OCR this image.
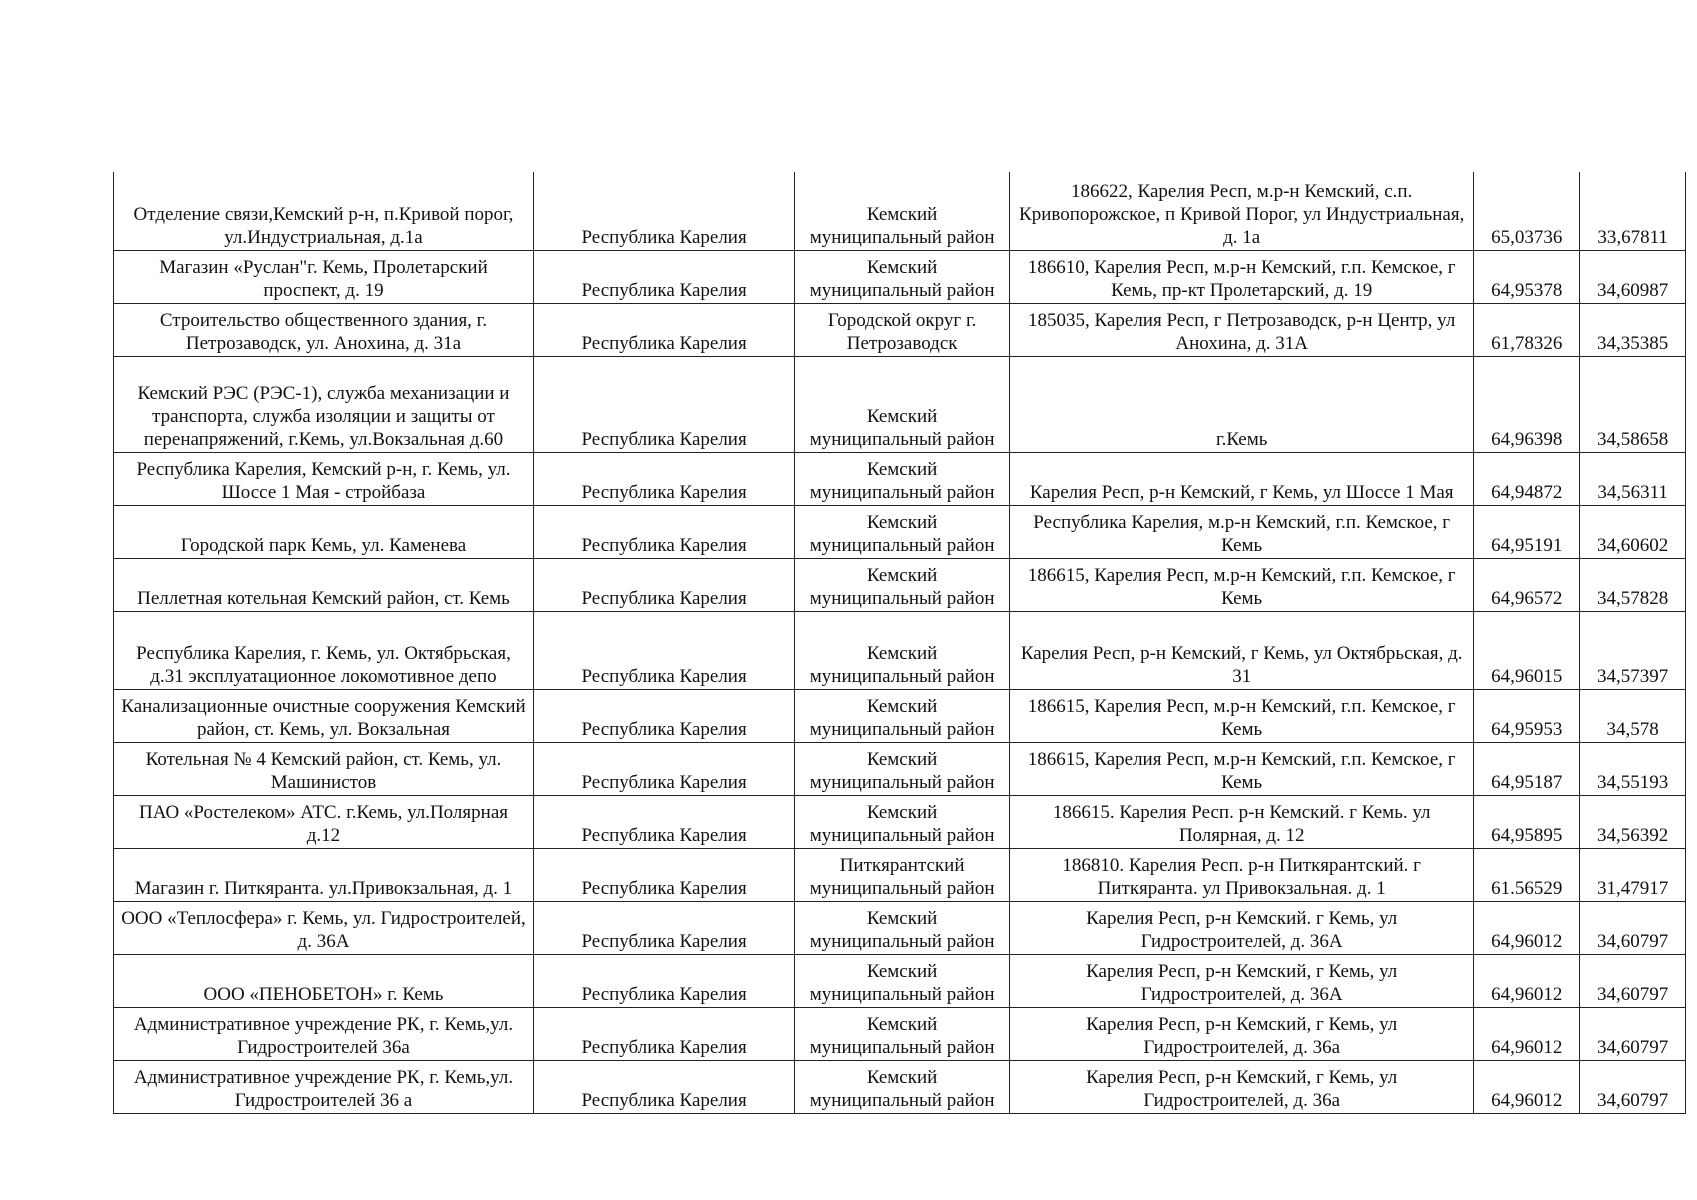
Отделение связи,Кемский р-н, п.Кривой порог, ул.Индустриальная, д.1а	Республика Карелия	Кемский муниципальный район	186622, Карелия Респ, м.р-н Кемский, с.п. Кривопорожское, п Кривой Порог, ул Индустриальная, д. 1а	65,03736	33,67811
Магазин «Руслан"г. Кемь, Пролетарский проспект, д. 19	Республика Карелия	Кемский муниципальный район	186610, Карелия Респ, м.р-н Кемский, г.п. Кемское, г Кемь, пр-кт Пролетарский, д. 19	64,95378	34,60987
Строительство общественного здания, г. Петрозаводск, ул. Анохина, д. 31а	Республика Карелия	Городской округ г. Петрозаводск	185035, Карелия Респ, г Петрозаводск, р-н Центр, ул Анохина, д. 31А	61,78326	34,35385
Кемский РЭС (РЭС-1), служба механизации и транспорта, служба изоляции и защиты от перенапряжений, г.Кемь, ул.Вокзальная д.60	Республика Карелия	Кемский муниципальный район	г.Кемь	64,96398	34,58658
Республика Карелия, Кемский р-н, г. Кемь, ул. Шоссе 1 Мая - стройбаза	Республика Карелия	Кемский муниципальный район	Карелия Респ, р-н Кемский, г Кемь, ул Шоссе 1 Мая	64,94872	34,56311
Городской парк Кемь, ул. Каменева	Республика Карелия	Кемский муниципальный район	Республика Карелия, м.р-н Кемский, г.п. Кемское, г Кемь	64,95191	34,60602
Пеллетная котельная Кемский район, ст. Кемь	Республика Карелия	Кемский муниципальный район	186615, Карелия Респ, м.р-н Кемский, г.п. Кемское, г Кемь	64,96572	34,57828
Республика Карелия, г. Кемь, ул. Октябрьская, д.31 эксплуатационное локомотивное депо	Республика Карелия	Кемский муниципальный район	Карелия Респ, р-н Кемский, г Кемь, ул Октябрьская, д. 31	64,96015	34,57397
Канализационные очистные сооружения Кемский район, ст. Кемь, ул. Вокзальная	Республика Карелия	Кемский муниципальный район	186615, Карелия Респ, м.р-н Кемский, г.п. Кемское, г Кемь	64,95953	34,578
Котельная № 4 Кемский район, ст. Кемь, ул. Машинистов	Республика Карелия	Кемский муниципальный район	186615, Карелия Респ, м.р-н Кемский, г.п. Кемское, г Кемь	64,95187	34,55193
ПАО «Ростелеком» АТС. г.Кемь, ул.Полярная д.12	Республика Карелия	Кемский муниципальный район	186615. Карелия Респ. р-н Кемский. г Кемь. ул Полярная, д. 12	64,95895	34,56392
Магазин г. Питкяранта. ул.Привокзальная, д. 1	Республика Карелия	Питкярантский муниципальный район	186810. Карелия Респ. р-н Питкярантский. г Питкяранта. ул Привокзальная. д. 1	61.56529	31,47917
ООО «Теплосфера» г. Кемь, ул. Гидростроителей, д. 36А	Республика Карелия	Кемский муниципальный район	Карелия Респ, р-н Кемский. г Кемь, ул Гидростроителей, д. 36А	64,96012	34,60797
ООО «ПЕНОБЕТОН» г. Кемь	Республика Карелия	Кемский муниципальный район	Карелия Респ, р-н Кемский, г Кемь, ул Гидростроителей, д. 36А	64,96012	34,60797
Административное учреждение РК, г. Кемь,ул. Гидростроителей 36а	Республика Карелия	Кемский муниципальный район	Карелия Респ, р-н Кемский, г Кемь, ул Гидростроителей, д. 36а	64,96012	34,60797
Административное учреждение РК, г. Кемь,ул. Гидростроителей 36 а	Республика Карелия	Кемский муниципальный район	Карелия Респ, р-н Кемский, г Кемь, ул Гидростроителей, д. 36а	64,96012	34,60797
